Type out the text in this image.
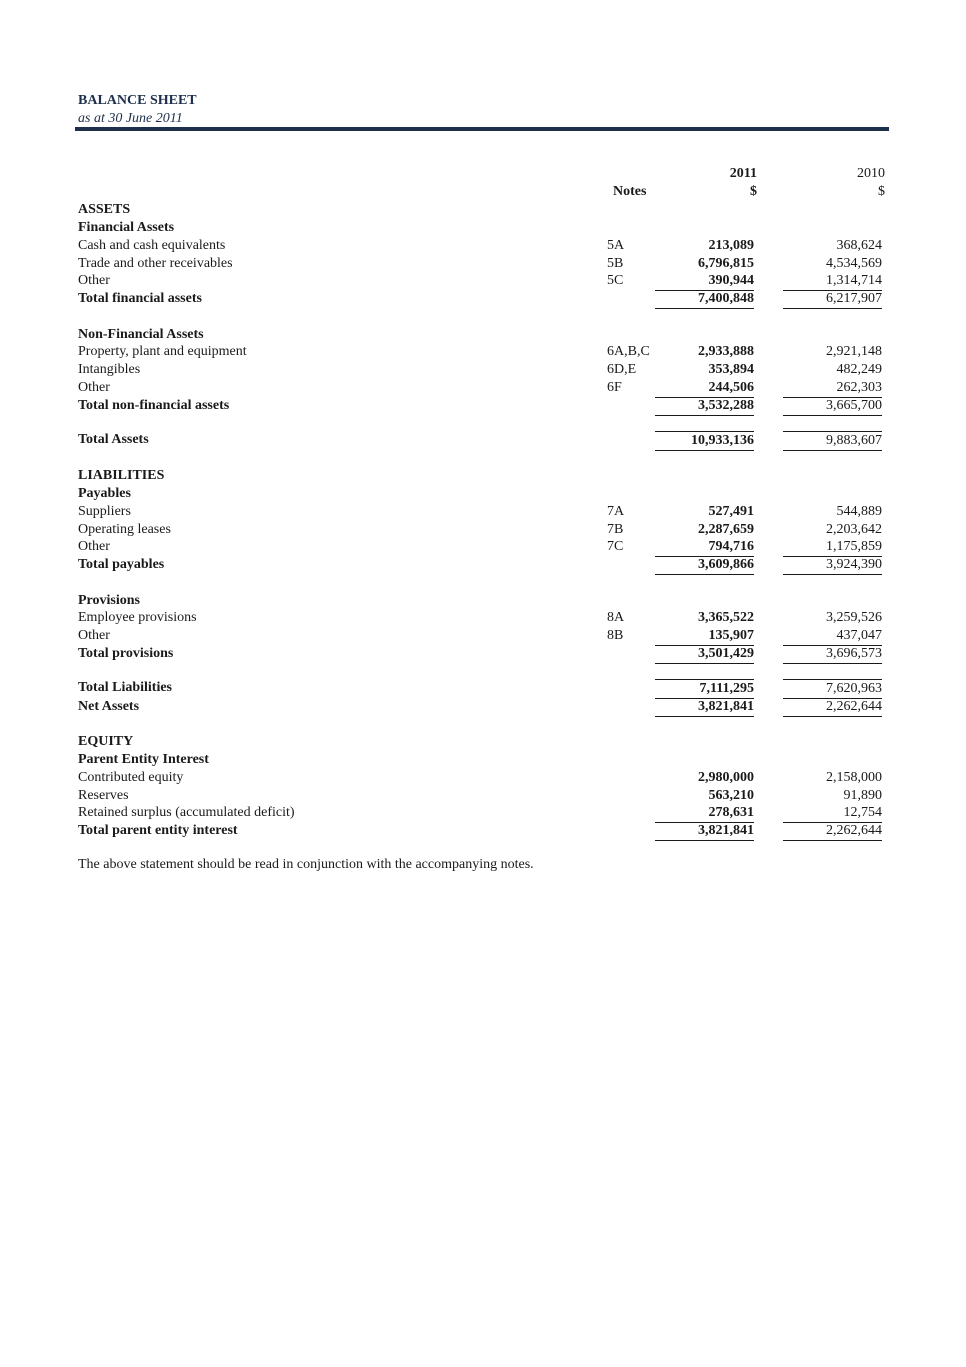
BALANCE SHEET
as at 30 June 2011
2011	2010
Notes	$	$
ASSETS
Financial Assets
Cash and cash equivalents	5A	213,089	368,624
Trade and other receivables	5B	6,796,815	4,534,569
Other	5C	390,944	1,314,714
Total financial assets	7,400,848	6,217,907
Non-Financial Assets
Property, plant and equipment	6A,B,C	2,933,888	2,921,148
Intangibles	6D,E	353,894	482,249
Other	6F	244,506	262,303
Total non-financial assets	3,532,288	3,665,700
Total Assets	10,933,136	9,883,607
LIABILITIES
Payables
Suppliers	7A	527,491	544,889
Operating leases	7B	2,287,659	2,203,642
Other	7C	794,716	1,175,859
Total payables	3,609,866	3,924,390
Provisions
Employee provisions	8A	3,365,522	3,259,526
Other	8B	135,907	437,047
Total provisions	3,501,429	3,696,573
Total Liabilities	7,111,295	7,620,963
Net Assets	3,821,841	2,262,644
EQUITY
Parent Entity Interest
Contributed equity	2,980,000	2,158,000
Reserves	563,210	91,890
Retained surplus (accumulated deficit)	278,631	12,754
Total parent entity interest	3,821,841	2,262,644
The above statement should be read in conjunction with the accompanying notes.
